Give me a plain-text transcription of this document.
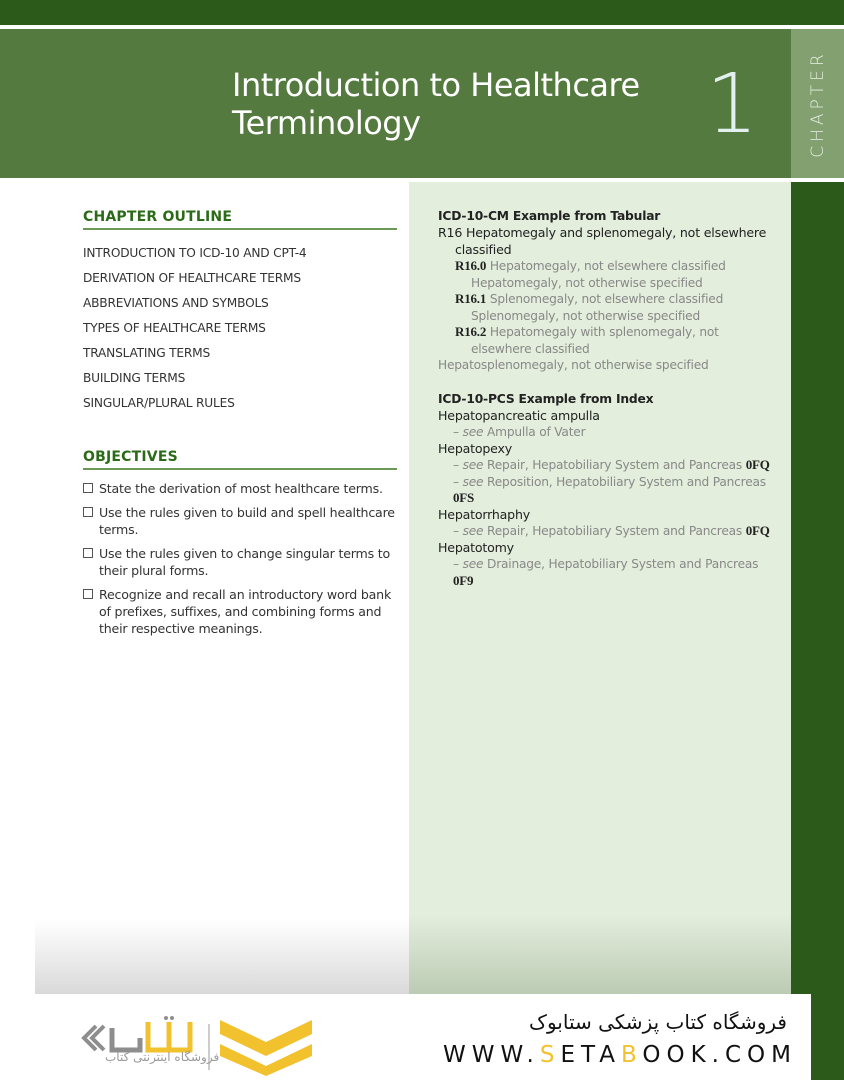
Introduction to Healthcare
Terminology	1	CHAPTER
CHAPTER OUTLINE
INTRODUCTION TO ICD-10 AND CPT-4
DERIVATION OF HEALTHCARE TERMS
ABBREVIATIONS AND SYMBOLS
TYPES OF HEALTHCARE TERMS
TRANSLATING TERMS
BUILDING TERMS
SINGULAR/PLURAL RULES
OBJECTIVES
State the derivation of most healthcare terms.
Use the rules given to build and spell healthcare terms.
Use the rules given to change singular terms to their plural forms.
Recognize and recall an introductory word bank of prefixes, suffixes, and combining forms and their respective meanings.
ICD-10-CM Example from Tabular
R16 Hepatomegaly and splenomegaly, not elsewhere classified
R16.0 Hepatomegaly, not elsewhere classified
Hepatomegaly, not otherwise specified
R16.1 Splenomegaly, not elsewhere classified
Splenomegaly, not otherwise specified
R16.2 Hepatomegaly with splenomegaly, not elsewhere classified
Hepatosplenomegaly, not otherwise specified
ICD-10-PCS Example from Index
Hepatopancreatic ampulla
– see Ampulla of Vater
Hepatopexy
– see Repair, Hepatobiliary System and Pancreas 0FQ
– see Reposition, Hepatobiliary System and Pancreas 0FS
Hepatorrhaphy
– see Repair, Hepatobiliary System and Pancreas 0FQ
Hepatotomy
– see Drainage, Hepatobiliary System and Pancreas 0F9
فروشگاه اینترنتی کتاب
فروشگاه کتاب پزشکی ستابوک
WWW.SETABOOK.COM
